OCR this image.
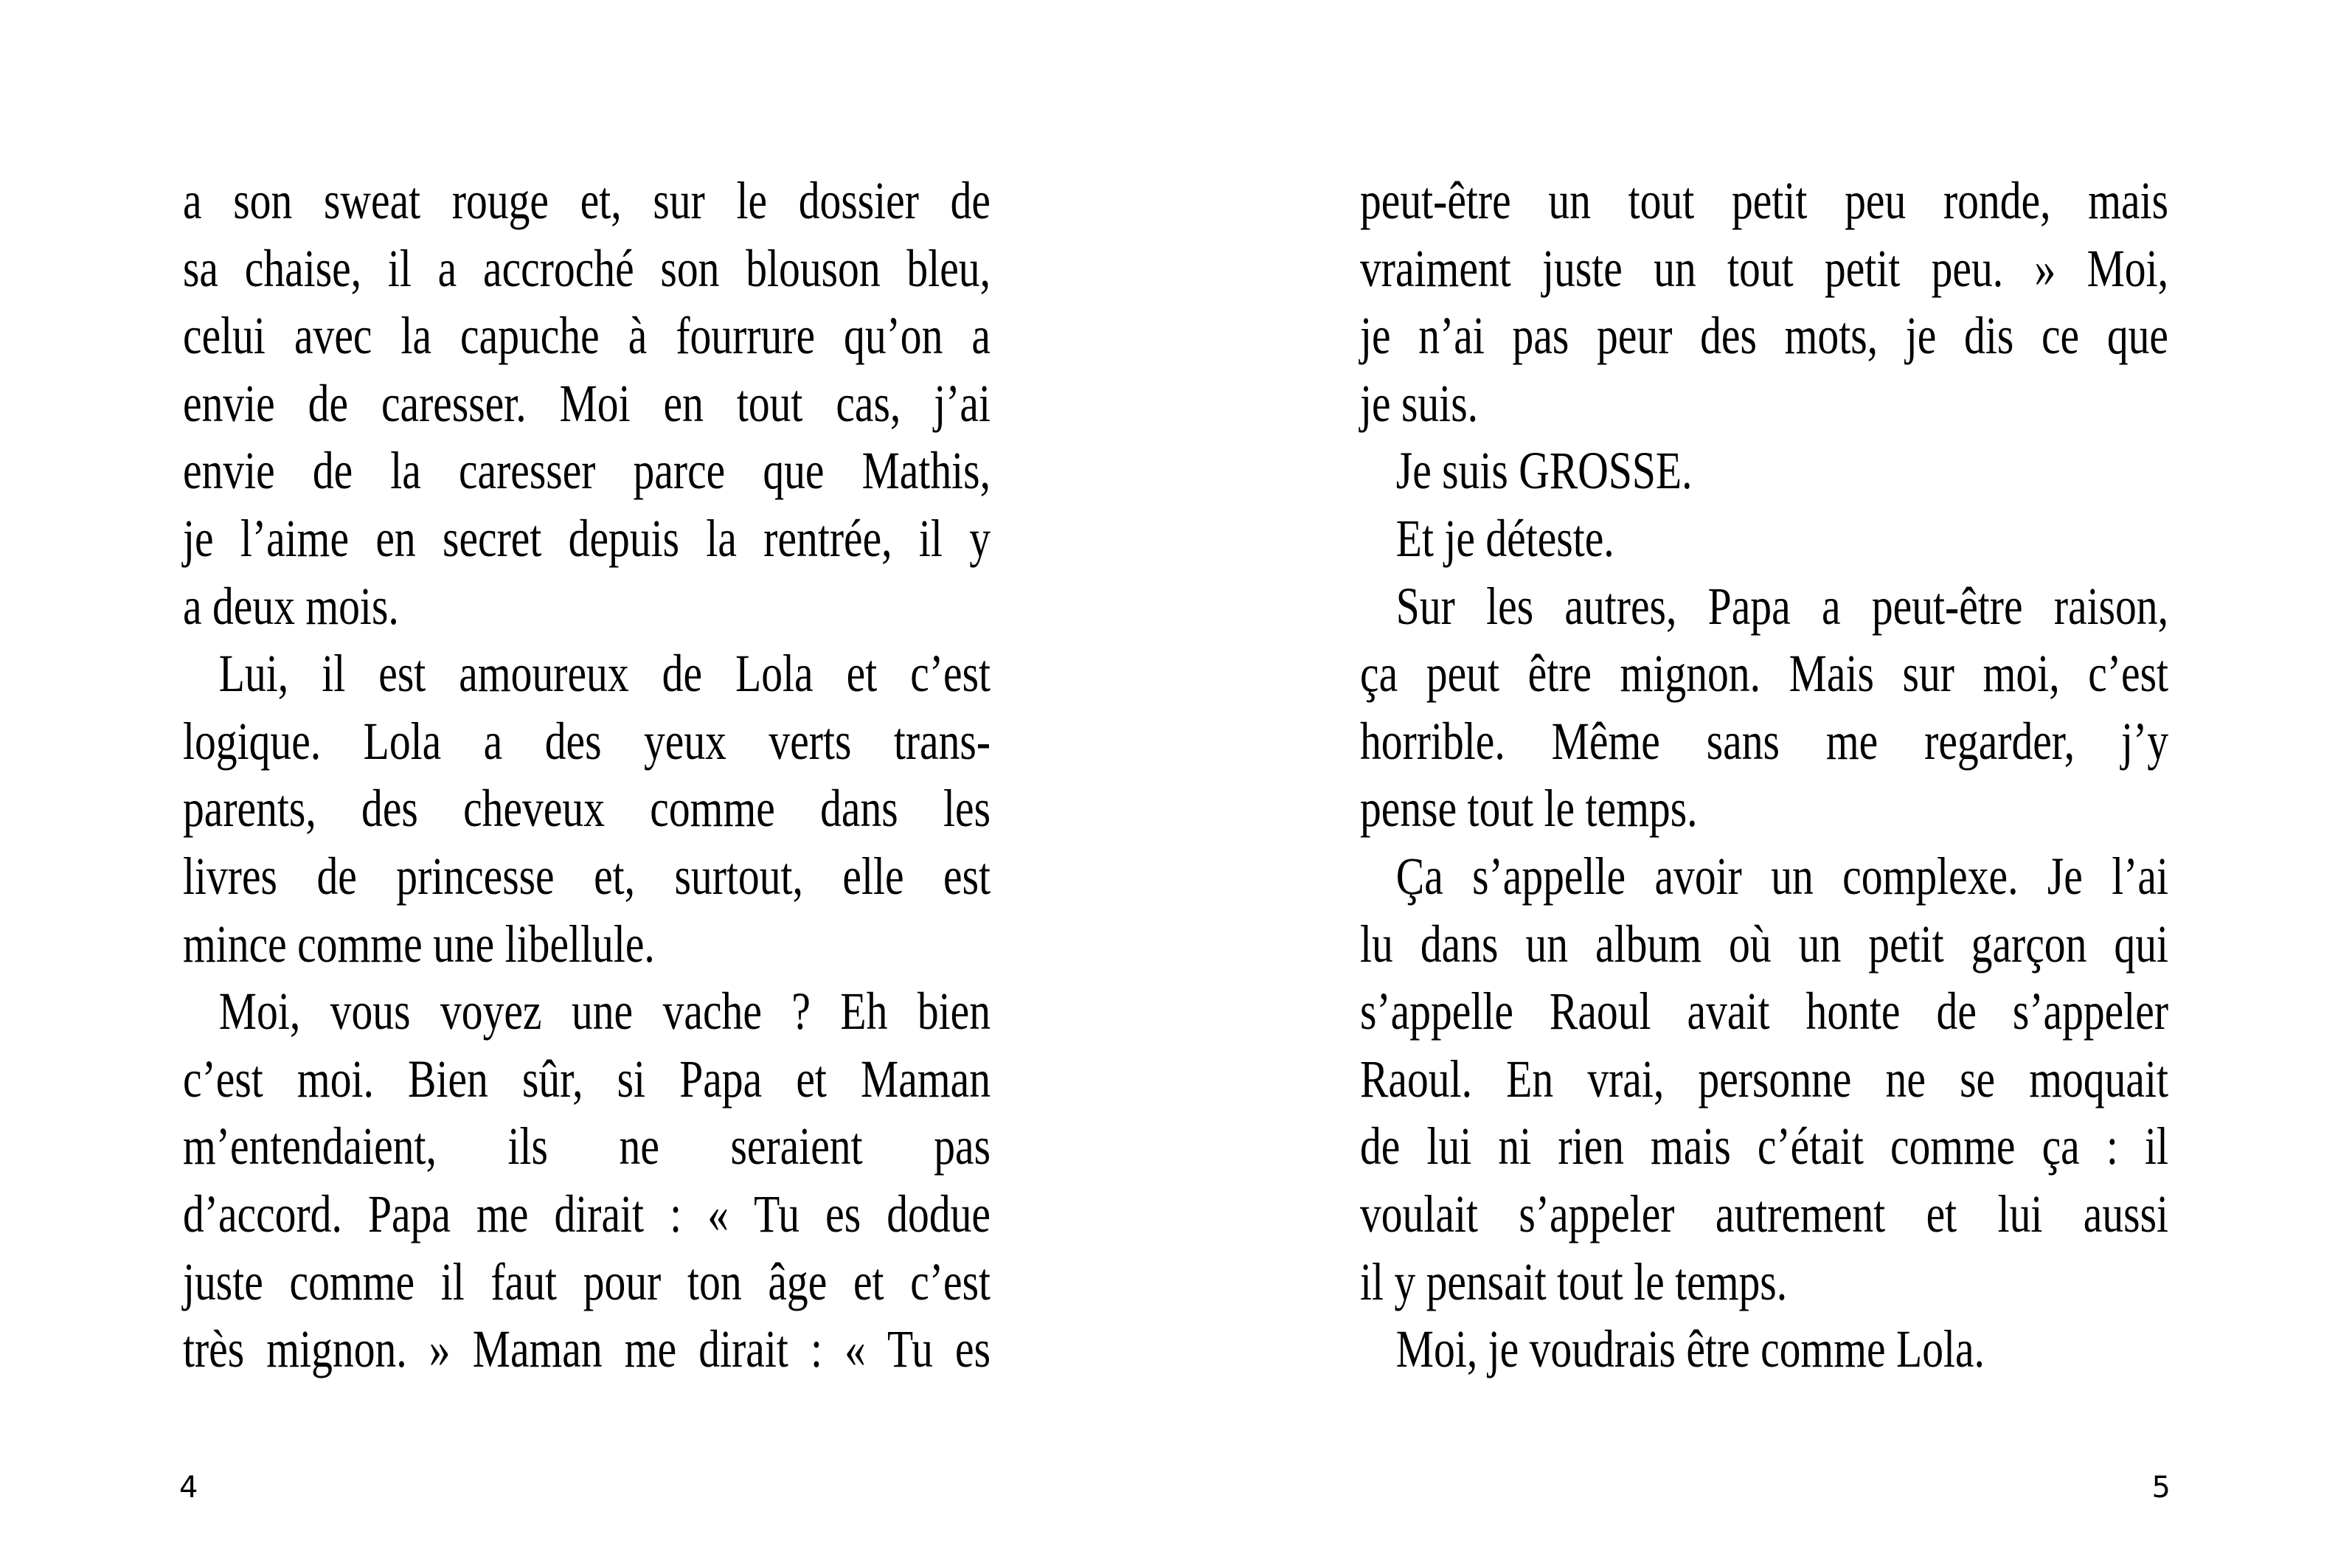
a son sweat rouge et, sur le dossier de
sa chaise, il a accroché son blouson bleu,
celui avec la capuche à fourrure qu’on a
envie de caresser. Moi en tout cas, j’ai
envie de la caresser parce que Mathis,
je l’aime en secret depuis la rentrée, il y
a deux mois.
Lui, il est amoureux de Lola et c’est
logique. Lola a des yeux verts trans-
parents, des cheveux comme dans les
livres de princesse et, surtout, elle est
mince comme une libellule.
Moi, vous voyez une vache ? Eh bien
c’est moi. Bien sûr, si Papa et Maman
m’entendaient, ils ne seraient pas
d’accord. Papa me dirait : « Tu es dodue
juste comme il faut pour ton âge et c’est
très mignon. » Maman me dirait : « Tu es
4
peut-être un tout petit peu ronde, mais
vraiment juste un tout petit peu. » Moi,
je n’ai pas peur des mots, je dis ce que
je suis.
Je suis GROSSE.
Et je déteste.
Sur les autres, Papa a peut-être raison,
ça peut être mignon. Mais sur moi, c’est
horrible. Même sans me regarder, j’y
pense tout le temps.
Ça s’appelle avoir un complexe. Je l’ai
lu dans un album où un petit garçon qui
s’appelle Raoul avait honte de s’appeler
Raoul. En vrai, personne ne se moquait
de lui ni rien mais c’était comme ça : il
voulait s’appeler autrement et lui aussi
il y pensait tout le temps.
Moi, je voudrais être comme Lola.
5
